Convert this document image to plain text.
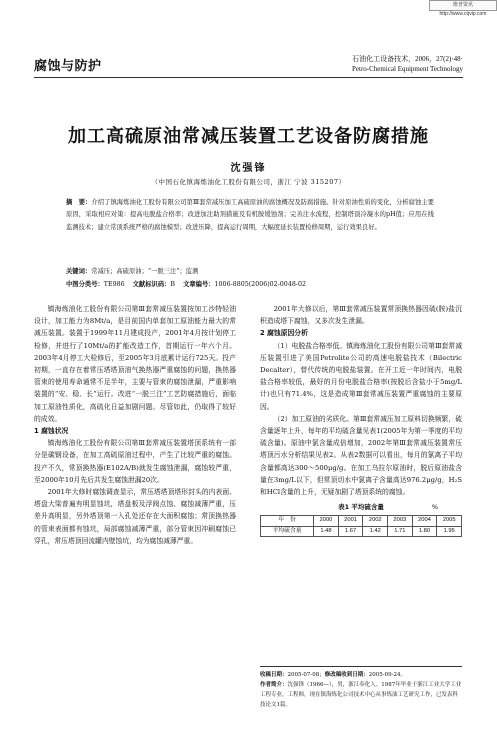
维普资讯 http://www.cqvip.com
腐蚀与防护	石油化工设备技术，2006，27(2)·48·
Petro-Chemical Equipment Technology
加工高硫原油常减压装置工艺设备防腐措施
沈强锋
（中国石化镇海炼油化工股份有限公司，浙江 宁波 315207）
摘　要：介绍了镇海炼油化工股份有限公司第Ⅲ套常减压加工高硫原油的腐蚀概况及防腐措施。针对原油性质的变化，分析腐蚀主要原因，采取相应对策：提高电脱盐合格率；改进加注助剂措施及有机胺缓蚀剂；完善注水流程，控制塔顶冷凝水的pH值；应用在线监测技术；建立常顶系统严格的腐蚀模型；改进压降，提高运行周期，大幅度延长装置检修周期，运行效果良好。
关键词：常减压；高硫原油；“一脱三注”；监测
中图分类号：TE986 文献标识码：B 文章编号：1006-8805(2006)02-0048-02

镇海炼油化工股份有限公司第Ⅲ套常减压装置按加工沙特轻油设计，加工能力为8Mt/a，是目前国内单套加工原油能力最大的常减压装置。装置于1999年11月建成投产，2001年4月按计划停工检修，并进行了10Mt/a的扩能改造工作，首期运行一年六个月。2003年4月停工大检修后，至2005年3月底累计运行725天。投产初期，一直存在着常压塔塔顶油气换热器严重腐蚀的问题，换热器管束的使用寿命通常不足半年，主要与管束的腐蚀泄漏，严重影响装置的“安、稳、长”运行。改进“一脱三注”工艺防腐措施后，面临加工原油性质化，高硫化日益加剧问题。尽管如此，仍取得了较好的成效。

1 腐蚀状况

镇海炼油化工股份有限公司第Ⅲ套常减压装置塔顶系统有一部分是碳钢设备，在加工高硫原油过程中，产生了比较严重的腐蚀。投产不久，常顶换热器(E102A/B)就发生腐蚀泄漏，腐蚀较严重，至2000年10月先后共发生腐蚀泄漏20次。

2001年大修时腐蚀调查显示，常压塔塔顶塔形封头的内表面、塔盘大梁普遍有明显蚀坑，塔盘板及浮阀点蚀、腐蚀减薄严重，压差升高明显，另外塔顶第一入孔处还存在大面积腐蚀；常顶换热器的管束表面都有蚀坑，局部腐蚀减薄严重，部分管束因冲刷腐蚀已穿孔，常压塔顶回流罐内壁蚀坑，均为腐蚀减薄严重。

2001年大修以后，第Ⅲ套常减压装置常顶换热器因硫(胺)盐沉积造成塔下腐蚀，又多次发生泄漏。

2 腐蚀原因分析

（1）电脱盐合格率低。镇海炼油化工股份有限公司第Ⅲ套常减压装置引进了美国Petrolite公司的高速电脱盐技术（Bilectric Decalter），替代传统的电脱盐装置。在开工近一年时间内，电脱盐合格率较低，最好的月份电脱盐合格率(按脱后含盐小于5mg/L计)也只有71.4%，这是造成第Ⅲ套常减压装置严重腐蚀的主要原因。

（2）加工原油的劣质化。第Ⅲ套常减压加工原料切换频繁，硫含量逐年上升，每年的平均硫含量见表1(2005年为第一季度的平均硫含量)。原油中氯含量成倍增加，2002年第Ⅲ套常减压装置常压塔顶污水分析结果见表2。从表2数据可以看出，每月的氯离子平均含量都高达300～500μg/g。在加工乌拉尔原油时，脱后原油盐含量在3mg/L以下，但常顶切水中氯离子含量高达976.2μg/g，H₂S和HCl含量的上升，无疑加剧了塔顶系统的腐蚀。

表1 平均硫含量	%
年　份	2000	2001	2002	2003	2004	2005
平均硫含量	1.48	1.67	1.42	1.71	1.80	1.95
收稿日期：2005-07-08；修改稿收到日期：2005-09-24。
作者简介：沈强锋（1966—），男，浙江奉化人。1987年毕业于浙江工业大学工业工程专业，工程师，现在镇海炼化公司技术中心从事炼油工艺研究工作，已发表科技论文1篇。
